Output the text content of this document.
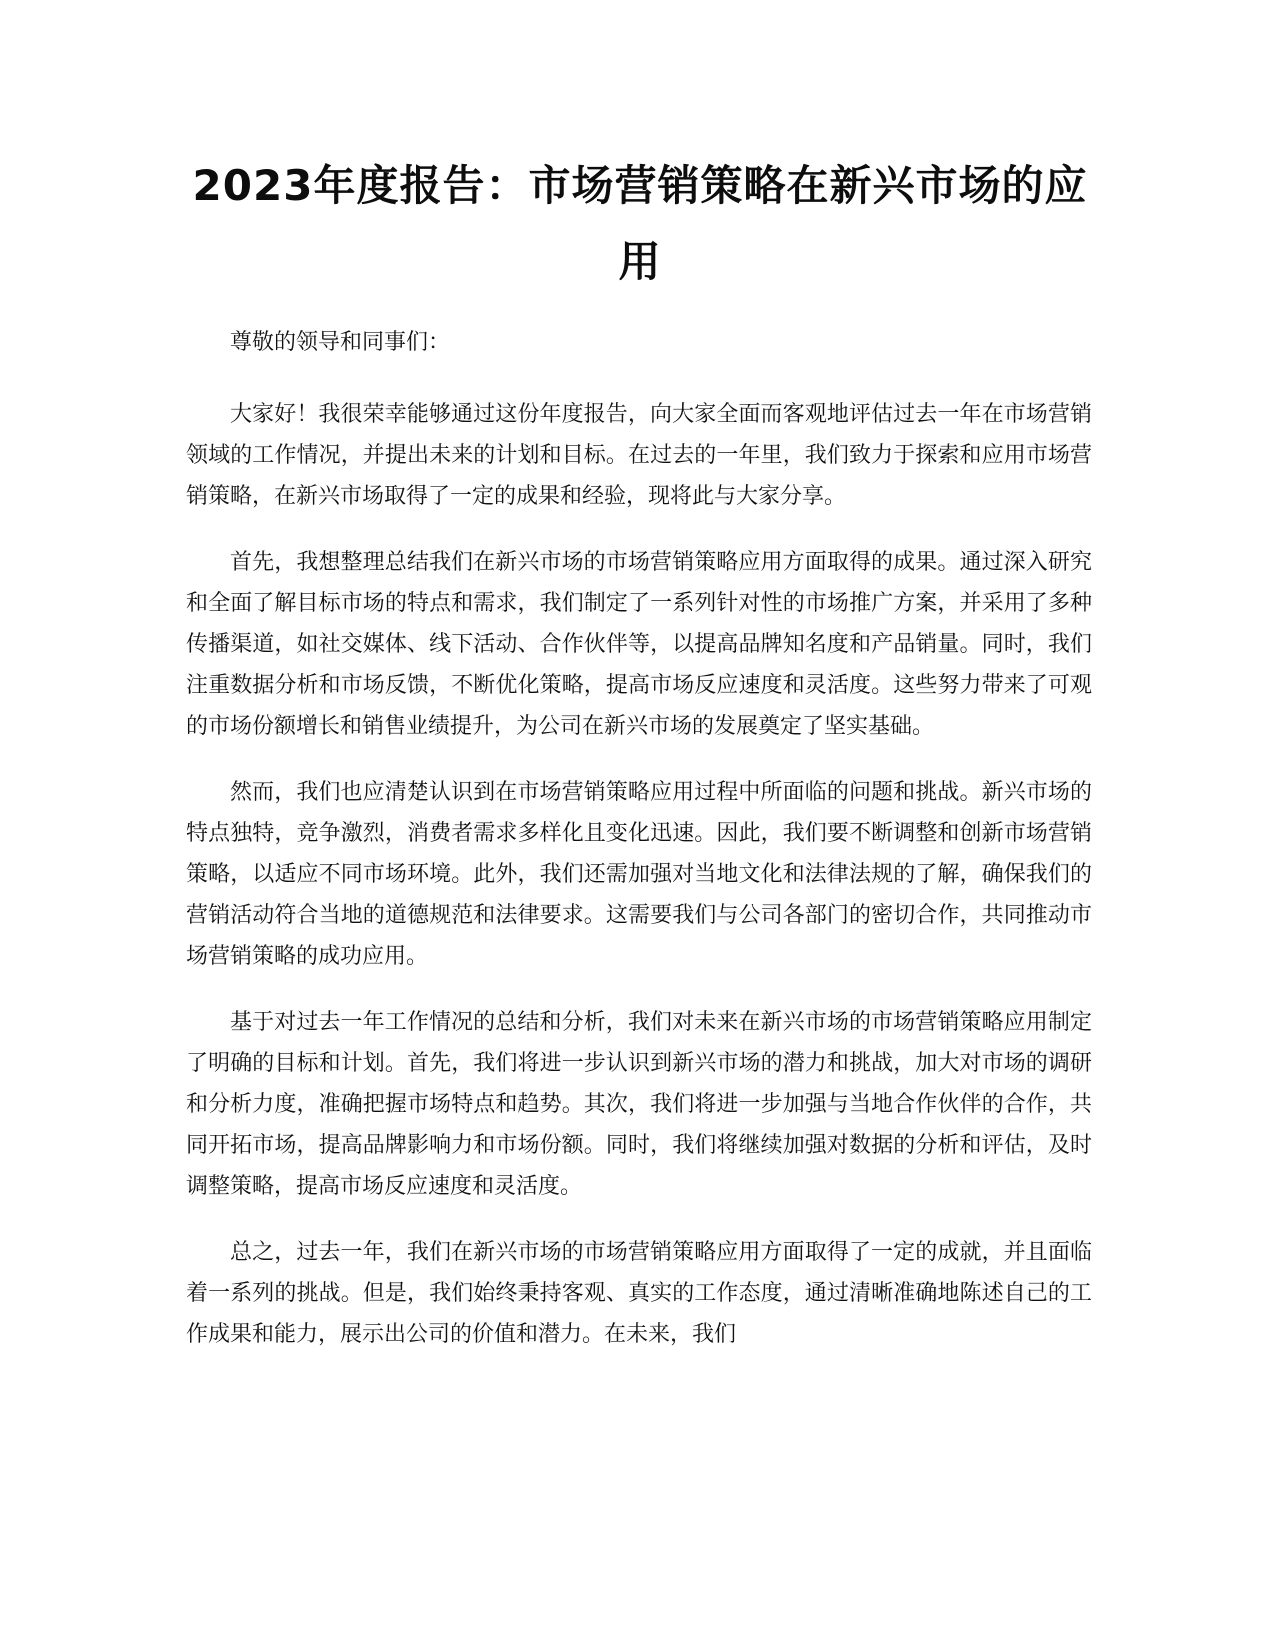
2023年度报告：市场营销策略在新兴市场的应用

尊敬的领导和同事们：

大家好！我很荣幸能够通过这份年度报告，向大家全面而客观地评估过去一年在市场营销领域的工作情况，并提出未来的计划和目标。在过去的一年里，我们致力于探索和应用市场营销策略，在新兴市场取得了一定的成果和经验，现将此与大家分享。

首先，我想整理总结我们在新兴市场的市场营销策略应用方面取得的成果。通过深入研究和全面了解目标市场的特点和需求，我们制定了一系列针对性的市场推广方案，并采用了多种传播渠道，如社交媒体、线下活动、合作伙伴等，以提高品牌知名度和产品销量。同时，我们注重数据分析和市场反馈，不断优化策略，提高市场反应速度和灵活度。这些努力带来了可观的市场份额增长和销售业绩提升，为公司在新兴市场的发展奠定了坚实基础。

然而，我们也应清楚认识到在市场营销策略应用过程中所面临的问题和挑战。新兴市场的特点独特，竞争激烈，消费者需求多样化且变化迅速。因此，我们要不断调整和创新市场营销策略，以适应不同市场环境。此外，我们还需加强对当地文化和法律法规的了解，确保我们的营销活动符合当地的道德规范和法律要求。这需要我们与公司各部门的密切合作，共同推动市场营销策略的成功应用。

基于对过去一年工作情况的总结和分析，我们对未来在新兴市场的市场营销策略应用制定了明确的目标和计划。首先，我们将进一步认识到新兴市场的潜力和挑战，加大对市场的调研和分析力度，准确把握市场特点和趋势。其次，我们将进一步加强与当地合作伙伴的合作，共同开拓市场，提高品牌影响力和市场份额。同时，我们将继续加强对数据的分析和评估，及时调整策略，提高市场反应速度和灵活度。

总之，过去一年，我们在新兴市场的市场营销策略应用方面取得了一定的成就，并且面临着一系列的挑战。但是，我们始终秉持客观、真实的工作态度，通过清晰准确地陈述自己的工作成果和能力，展示出公司的价值和潜力。在未来，我们
